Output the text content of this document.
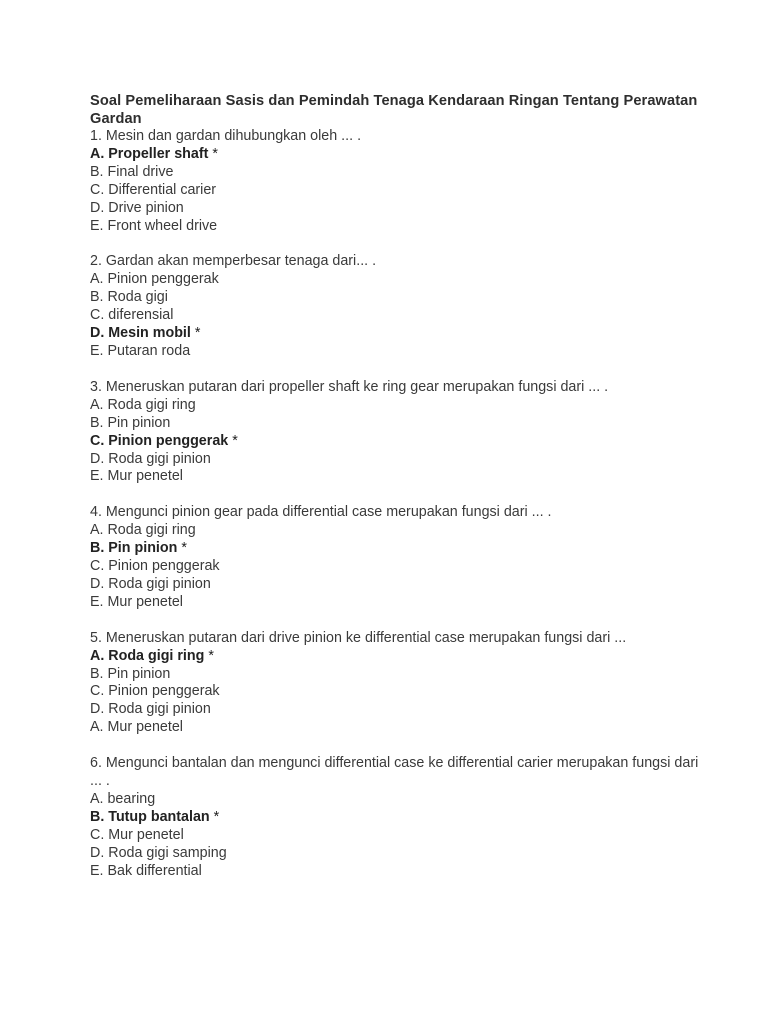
Soal Pemeliharaan Sasis dan Pemindah Tenaga Kendaraan Ringan Tentang Perawatan Gardan
1. Mesin dan gardan dihubungkan oleh ... .
A. Propeller shaft *
B. Final drive
C. Differential carier
D. Drive pinion
E. Front wheel drive
2. Gardan akan memperbesar tenaga dari... .
A. Pinion penggerak
B. Roda gigi
C. diferensial
D. Mesin mobil *
E. Putaran roda
3. Meneruskan putaran dari propeller shaft ke ring gear merupakan fungsi dari ... .
A. Roda gigi ring
B. Pin pinion
C. Pinion penggerak *
D. Roda gigi pinion
E. Mur penetel
4. Mengunci pinion gear pada differential case merupakan fungsi dari ... .
A. Roda gigi ring
B. Pin pinion *
C. Pinion penggerak
D. Roda gigi pinion
E. Mur penetel
5. Meneruskan putaran dari drive pinion ke differential case merupakan fungsi dari ...
A. Roda gigi ring *
B. Pin pinion
C. Pinion penggerak
D. Roda gigi pinion
A. Mur penetel
6. Mengunci bantalan dan mengunci differential case ke differential carier merupakan fungsi dari ... .
A. bearing
B. Tutup bantalan *
C. Mur penetel
D. Roda gigi samping
E. Bak differential
